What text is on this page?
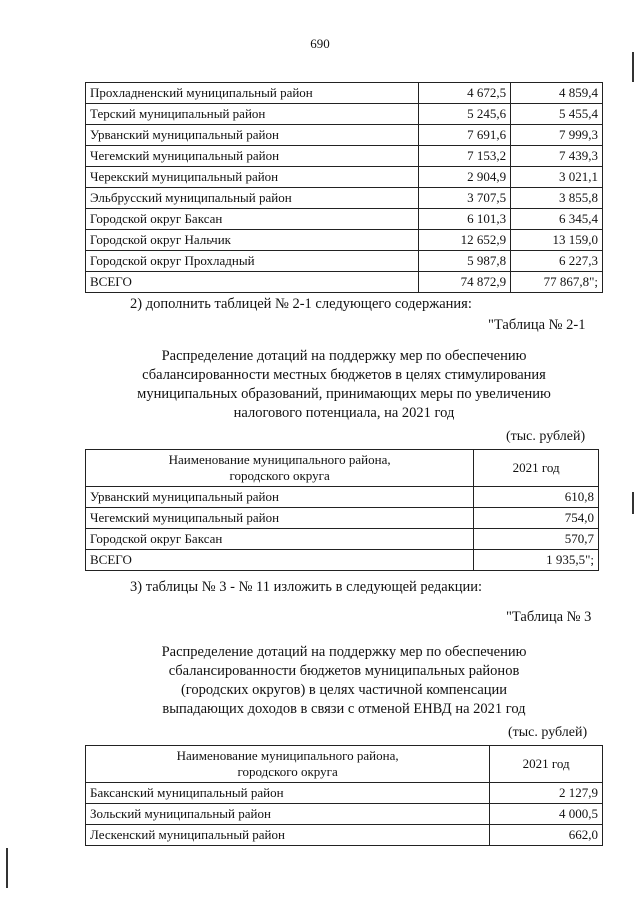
690
Прохладненский муниципальный район	4 672,5	4 859,4
Терский муниципальный район	5 245,6	5 455,4
Урванский муниципальный район	7 691,6	7 999,3
Чегемский муниципальный район	7 153,2	7 439,3
Черекский муниципальный район	2 904,9	3 021,1
Эльбрусский муниципальный район	3 707,5	3 855,8
Городской округ Баксан	6 101,3	6 345,4
Городской округ Нальчик	12 652,9	13 159,0
Городской округ Прохладный	5 987,8	6 227,3
ВСЕГО	74 872,9	77 867,8";
2) дополнить таблицей № 2-1 следующего содержания:
"Таблица № 2-1
Распределение дотаций на поддержку мер по обеспечению
сбалансированности местных бюджетов в целях стимулирования
муниципальных образований, принимающих меры по увеличению
налогового потенциала, на 2021 год
(тыс. рублей)
Наименование муниципального района, городского округа	2021 год
Урванский муниципальный район	610,8
Чегемский муниципальный район	754,0
Городской округ Баксан	570,7
ВСЕГО	1 935,5";
3) таблицы № 3 - № 11 изложить в следующей редакции:
"Таблица № 3
Распределение дотаций на поддержку мер по обеспечению
сбалансированности бюджетов муниципальных районов
(городских округов) в целях частичной компенсации
выпадающих доходов в связи с отменой ЕНВД на 2021 год
(тыс. рублей)
Наименование муниципального района, городского округа	2021 год
Баксанский муниципальный район	2 127,9
Зольский муниципальный район	4 000,5
Лескенский муниципальный район	662,0
